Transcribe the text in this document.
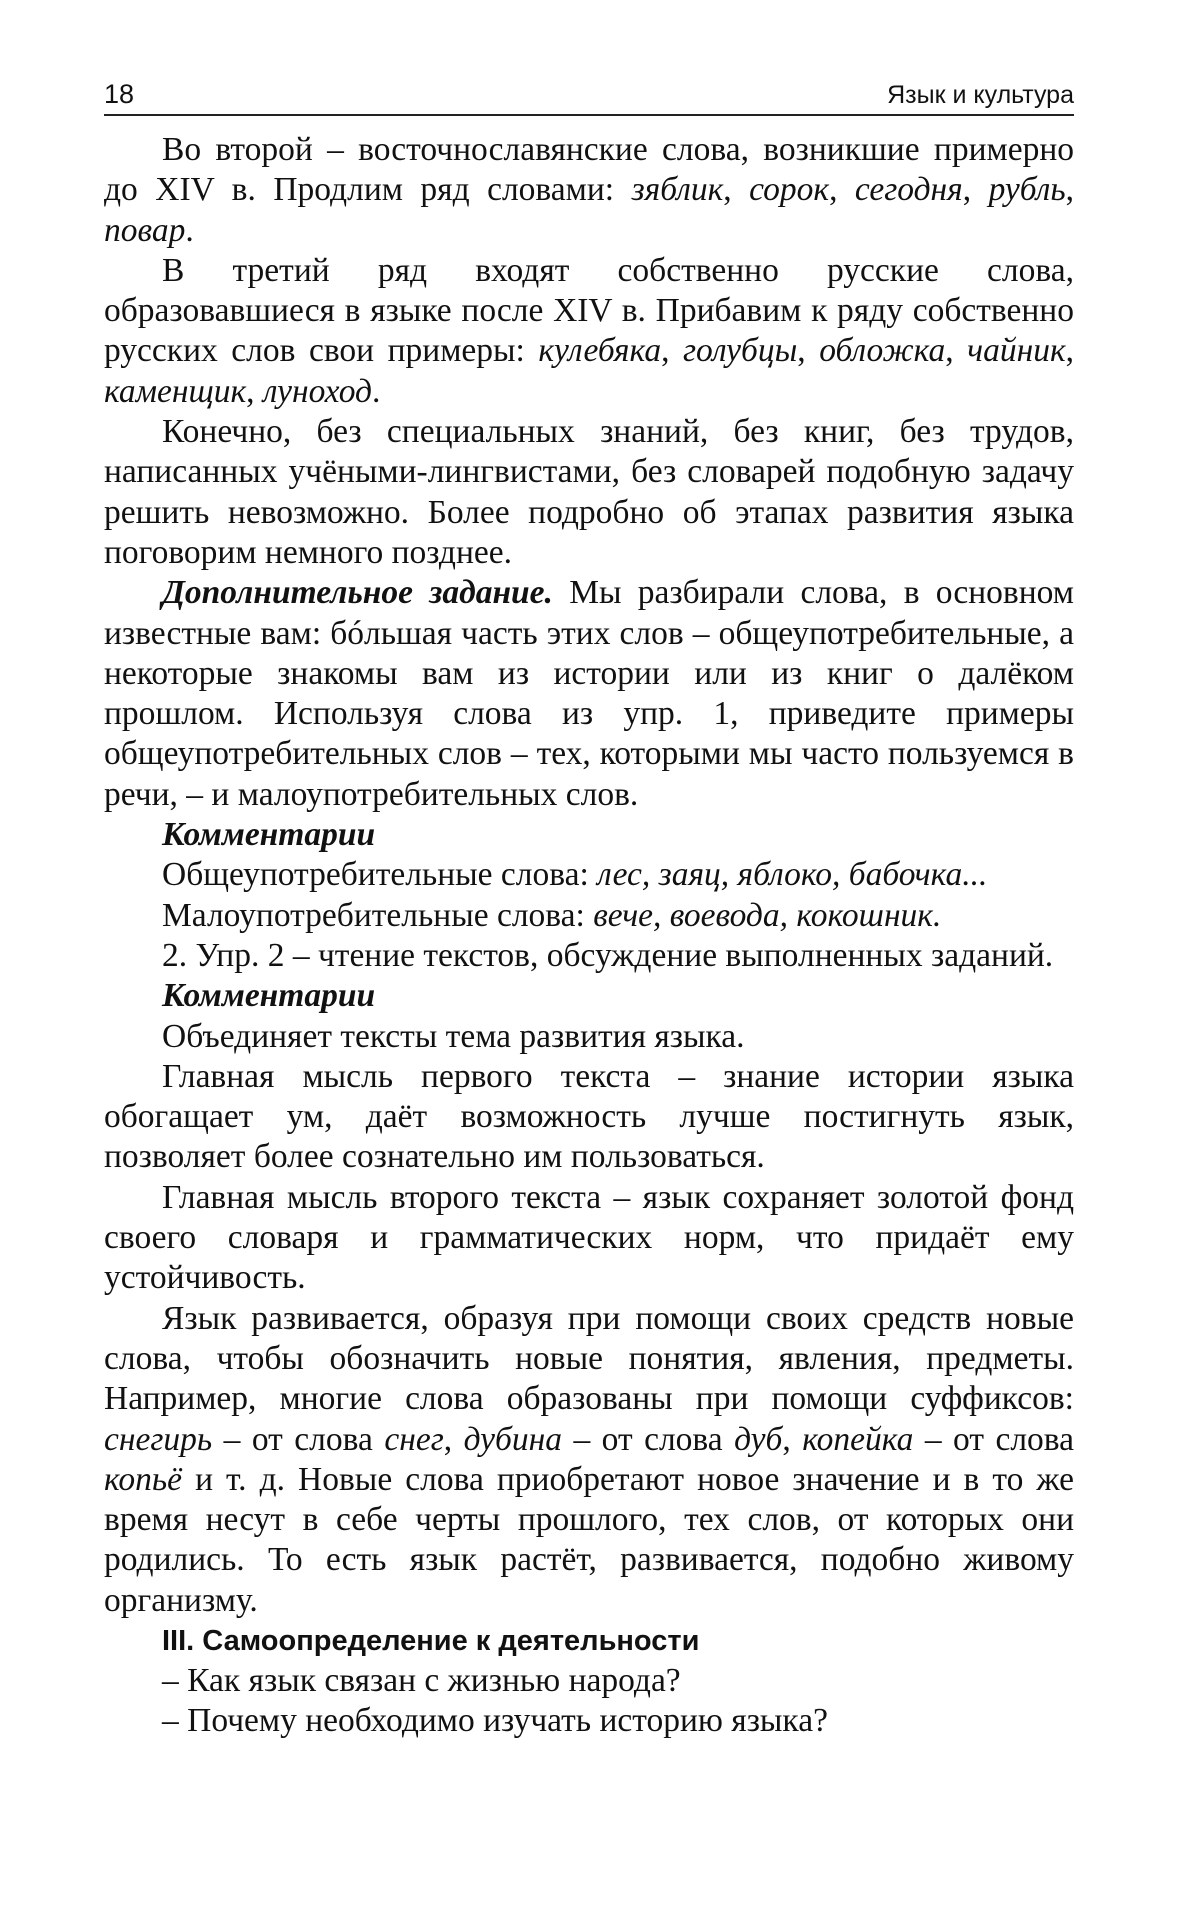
18	Язык и культура

Во второй – восточнославянские слова, возникшие примерно до XIV в. Продлим ряд словами: зяблик, сорок, сегодня, рубль, повар.

В третий ряд входят собственно русские слова, образовавшиеся в языке после XIV в. Прибавим к ряду собственно русских слов свои примеры: кулебяка, голубцы, обложка, чайник, каменщик, луноход.

Конечно, без специальных знаний, без книг, без трудов, написанных учёными-лингвистами, без словарей подобную задачу решить невозможно. Более подробно об этапах развития языка поговорим немного позднее.

Дополнительное задание. Мы разбирали слова, в основном известные вам: бóльшая часть этих слов – общеупотребительные, а некоторые знакомы вам из истории или из книг о далёком прошлом. Используя слова из упр. 1, приведите примеры общеупотребительных слов – тех, которыми мы часто пользуемся в речи, – и малоупотребительных слов.

Комментарии

Общеупотребительные слова: лес, заяц, яблоко, бабочка...

Малоупотребительные слова: вече, воевода, кокошник.

2. Упр. 2 – чтение текстов, обсуждение выполненных заданий.

Комментарии

Объединяет тексты тема развития языка.

Главная мысль первого текста – знание истории языка обогащает ум, даёт возможность лучше постигнуть язык, позволяет более сознательно им пользоваться.

Главная мысль второго текста – язык сохраняет золотой фонд своего словаря и грамматических норм, что придаёт ему устойчивость.

Язык развивается, образуя при помощи своих средств новые слова, чтобы обозначить новые понятия, явления, предметы. Например, многие слова образованы при помощи суффиксов: снегирь – от слова снег, дубина – от слова дуб, копейка – от слова копьё и т. д. Новые слова приобретают новое значение и в то же время несут в себе черты прошлого, тех слов, от которых они родились. То есть язык растёт, развивается, подобно живому организму.

III. Самоопределение к деятельности

– Как язык связан с жизнью народа?

– Почему необходимо изучать историю языка?
